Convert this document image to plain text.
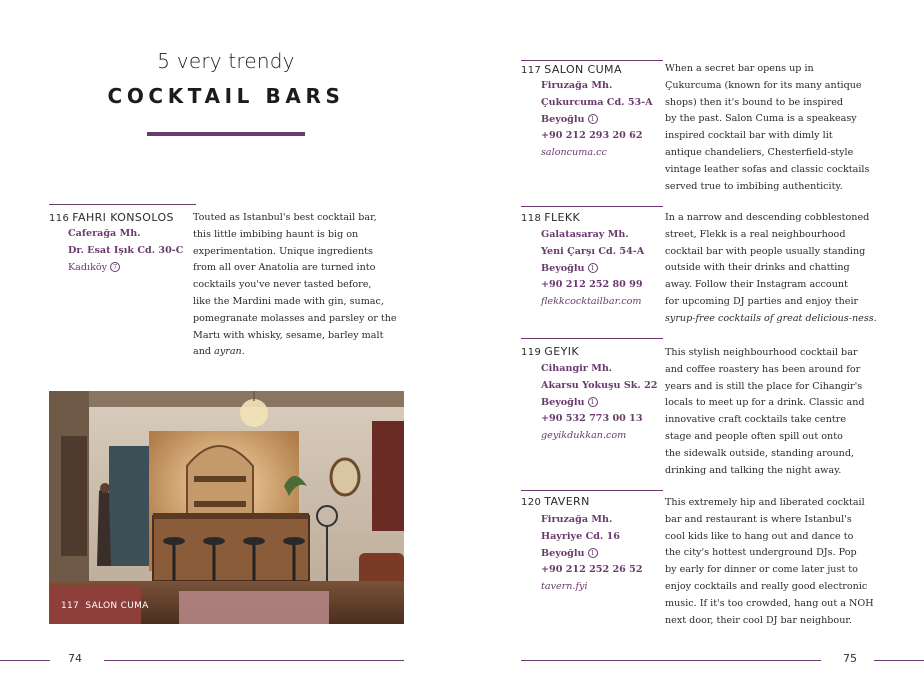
5 very trendy
COCKTAIL BARS
116 FAHRI KONSOLOS
Caferağa Mh.
Dr. Esat Işık Cd. 30-C
Kadıköy 7
Touted as Istanbul's best cocktail bar,
this little imbibing haunt is big on
experimentation. Unique ingredients
from all over Anatolia are turned into
cocktails you've never tasted before,
like the Mardini made with gin, sumac,
pomegranate molasses and parsley or the
Martı with whisky, sesame, barley malt
and ayran.
117 SALON CUMA
117 SALON CUMA
Firuzağa Mh.
Çukurcuma Cd. 53-A
Beyoğlu 1
+90 212 293 20 62
saloncuma.cc
When a secret bar opens up in
Çukurcuma (known for its many antique
shops) then it's bound to be inspired
by the past. Salon Cuma is a speakeasy
inspired cocktail bar with dimly lit
antique chandeliers, Chesterfield-style
vintage leather sofas and classic cocktails
served true to imbibing authenticity.
118 FLEKK
Galatasaray Mh.
Yeni Çarşı Cd. 54-A
Beyoğlu 1
+90 212 252 80 99
flekkcocktailbar.com
In a narrow and descending cobblestoned
street, Flekk is a real neighbourhood
cocktail bar with people usually standing
outside with their drinks and chatting
away. Follow their Instagram account
for upcoming DJ parties and enjoy their
syrup-free cocktails of great delicious-ness.
119 GEYIK
Cihangir Mh.
Akarsu Yokuşu Sk. 22
Beyoğlu 1
+90 532 773 00 13
geyikdukkan.com
This stylish neighbourhood cocktail bar
and coffee roastery has been around for
years and is still the place for Cihangir's
locals to meet up for a drink. Classic and
innovative craft cocktails take centre
stage and people often spill out onto
the sidewalk outside, standing around,
drinking and talking the night away.
120 TAVERN
Firuzağa Mh.
Hayriye Cd. 16
Beyoğlu 1
+90 212 252 26 52
tavern.fyi
This extremely hip and liberated cocktail
bar and restaurant is where Istanbul's
cool kids like to hang out and dance to
the city's hottest underground DJs. Pop
by early for dinner or come later just to
enjoy cocktails and really good electronic
music. If it's too crowded, hang out a NOH
next door, their cool DJ bar neighbour.
74	75
